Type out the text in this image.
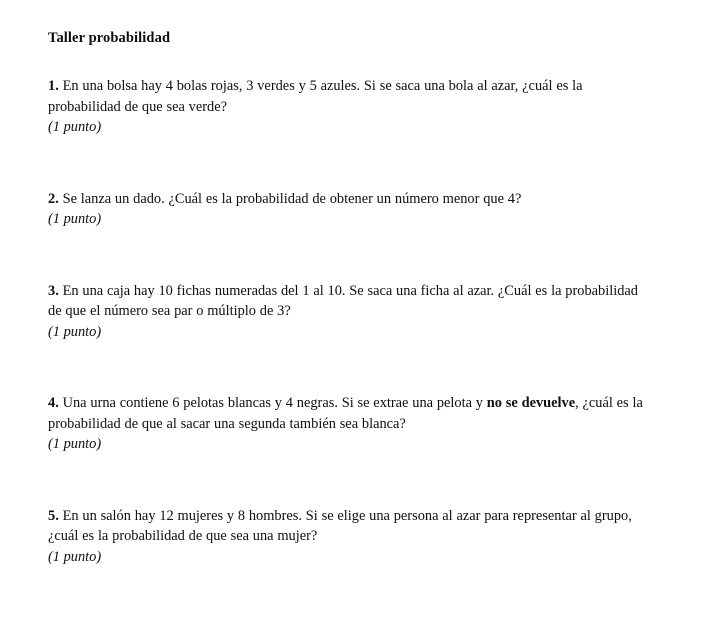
Taller probabilidad

1. En una bolsa hay 4 bolas rojas, 3 verdes y 5 azules. Si se saca una bola al azar, ¿cuál es la probabilidad de que sea verde?

(1 punto)

2. Se lanza un dado. ¿Cuál es la probabilidad de obtener un número menor que 4?

(1 punto)

3. En una caja hay 10 fichas numeradas del 1 al 10. Se saca una ficha al azar. ¿Cuál es la probabilidad de que el número sea par o múltiplo de 3?

(1 punto)

4. Una urna contiene 6 pelotas blancas y 4 negras. Si se extrae una pelota y no se devuelve, ¿cuál es la probabilidad de que al sacar una segunda también sea blanca?

(1 punto)

5. En un salón hay 12 mujeres y 8 hombres. Si se elige una persona al azar para representar al grupo, ¿cuál es la probabilidad de que sea una mujer?

(1 punto)
